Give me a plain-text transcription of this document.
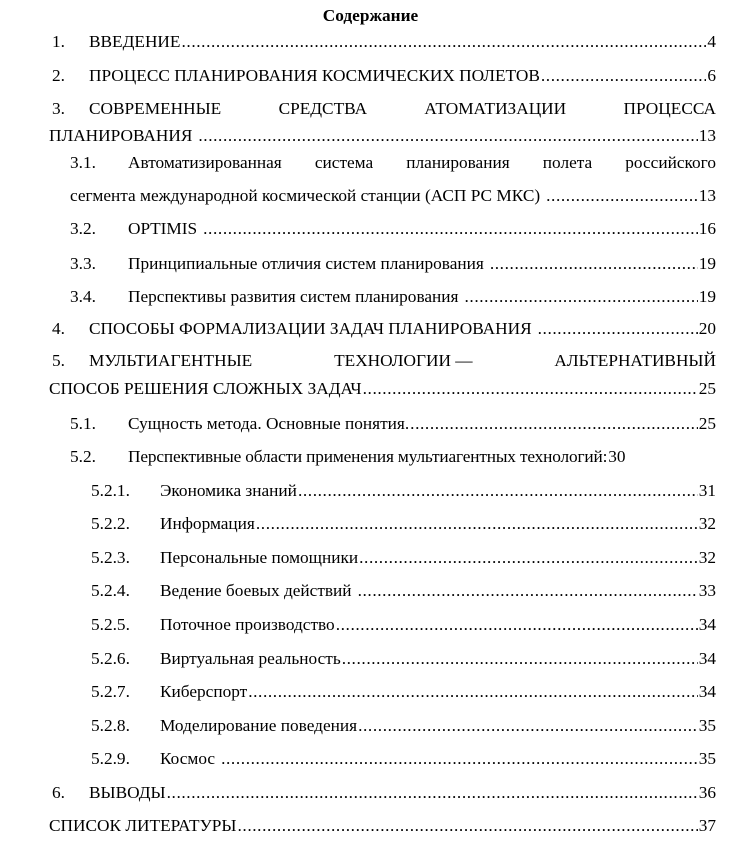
Содержание
1. ВВЕДЕНИЕ .....	4
2. ПРОЦЕСС ПЛАНИРОВАНИЯ КОСМИЧЕСКИХ ПОЛЕТОВ .....	6
3. СОВРЕМЕННЫЕ	СРЕДСТВА	АТОМАТИЗАЦИИ	ПРОЦЕССА
ПЛАНИРОВАНИЯ .....	13
3.1. Автоматизированная система планирования полета российского
сегмента международной космической станции (АСП РС МКС) .....	13
3.2. OPTIMIS .....	16
3.3. Принципиальные отличия систем планирования .....	19
3.4. Перспективы развития систем планирования .....	19
4. СПОСОБЫ ФОРМАЛИЗАЦИИ ЗАДАЧ ПЛАНИРОВАНИЯ .....	20
5. МУЛЬТИАГЕНТНЫЕ	ТЕХНОЛОГИИ —	АЛЬТЕРНАТИВНЫЙ
СПОСОБ РЕШЕНИЯ СЛОЖНЫХ ЗАДАЧ .....	25
5.1. Сущность метода. Основные понятия. .....	25
5.2. Перспективные области применения мультиагентных технологий: 30
5.2.1. Экономика знаний .....	31
5.2.2. Информация .....	32
5.2.3. Персональные помощники .....	32
5.2.4. Ведение боевых действий .....	33
5.2.5. Поточное производство .....	34
5.2.6. Виртуальная реальность .....	34
5.2.7. Киберспорт .....	34
5.2.8. Моделирование поведения .....	35
5.2.9. Космос .....	35
6. ВЫВОДЫ .....	36
СПИСОК ЛИТЕРАТУРЫ .....	37
